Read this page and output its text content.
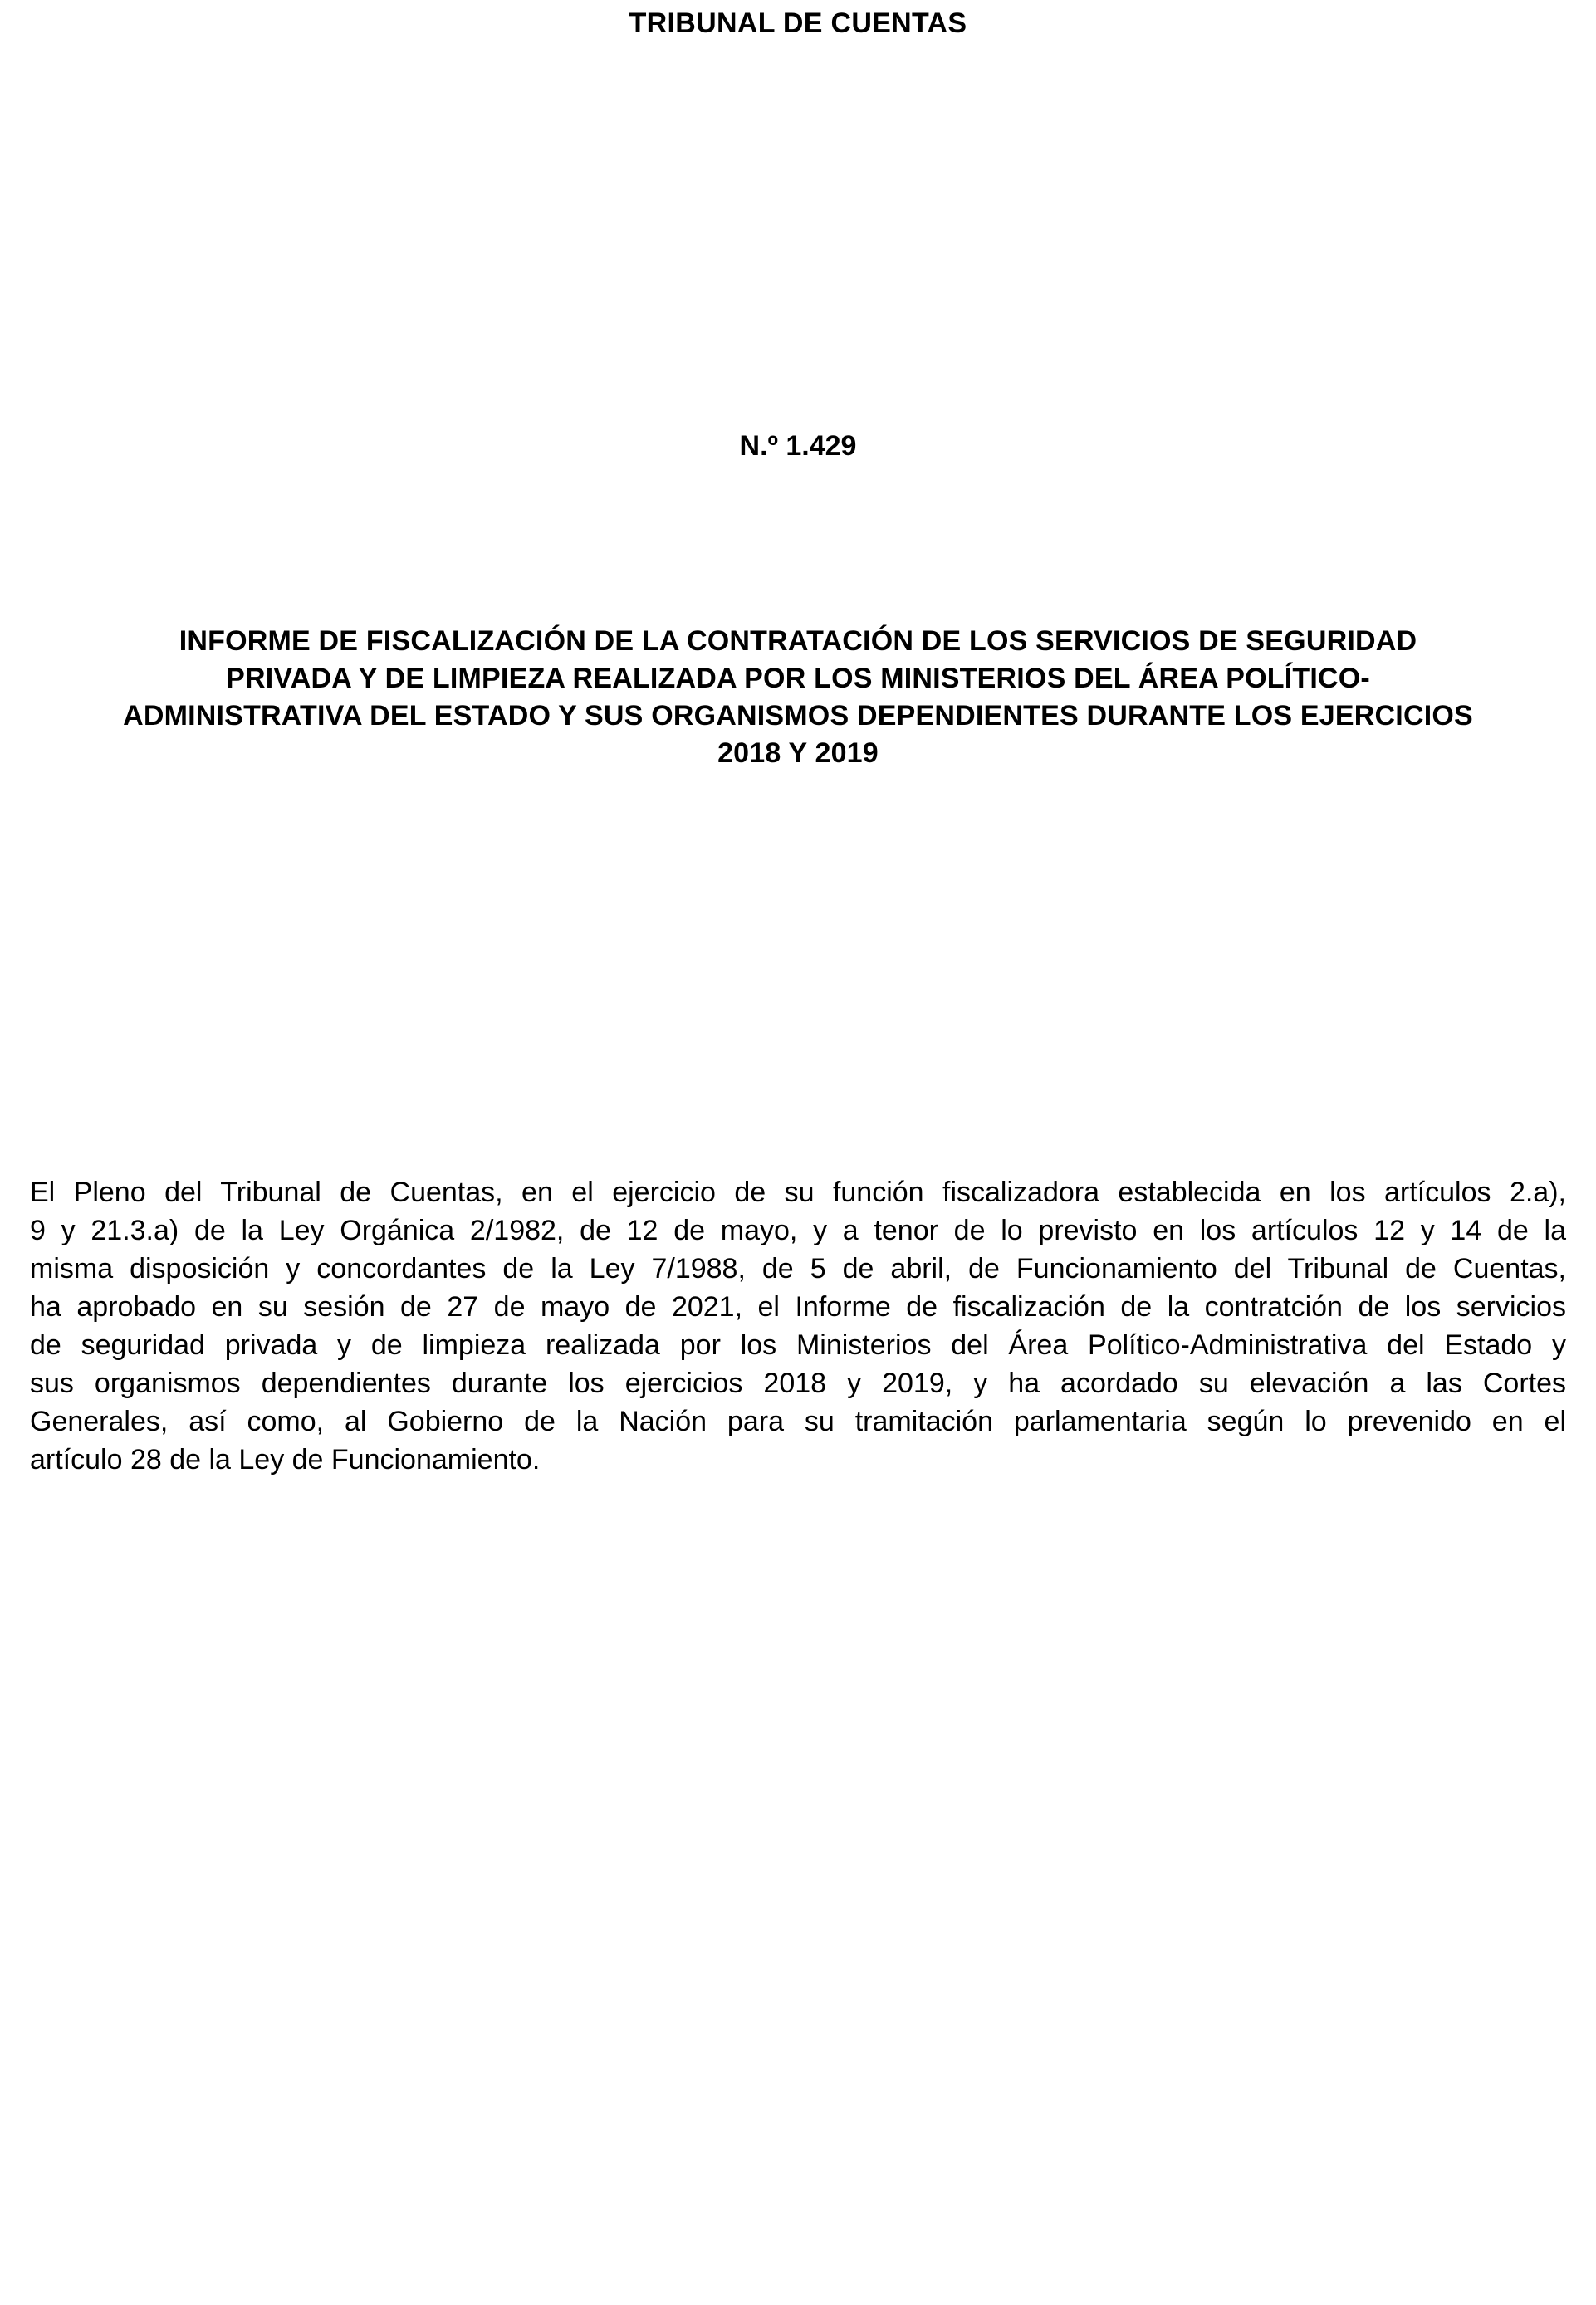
TRIBUNAL DE CUENTAS
N.º 1.429
INFORME DE FISCALIZACIÓN DE LA CONTRATACIÓN DE LOS SERVICIOS DE SEGURIDAD
PRIVADA Y DE LIMPIEZA REALIZADA POR LOS MINISTERIOS DEL ÁREA POLÍTICO-
ADMINISTRATIVA DEL ESTADO Y SUS ORGANISMOS DEPENDIENTES DURANTE LOS EJERCICIOS
2018 Y 2019
El Pleno del Tribunal de Cuentas, en el ejercicio de su función fiscalizadora establecida en los artículos 2.a),
9 y 21.3.a) de la Ley Orgánica 2/1982, de 12 de mayo, y a tenor de lo previsto en los artículos 12 y 14 de la
misma disposición y concordantes de la Ley 7/1988, de 5 de abril, de Funcionamiento del Tribunal de Cuentas,
ha aprobado en su sesión de 27 de mayo de 2021, el Informe de fiscalización de la contratción de los servicios
de seguridad privada y de limpieza realizada por los Ministerios del Área Político-Administrativa del Estado y
sus organismos dependientes durante los ejercicios 2018 y 2019, y ha acordado su elevación a las Cortes
Generales, así como, al Gobierno de la Nación para su tramitación parlamentaria según lo prevenido en el
artículo 28 de la Ley de Funcionamiento.
